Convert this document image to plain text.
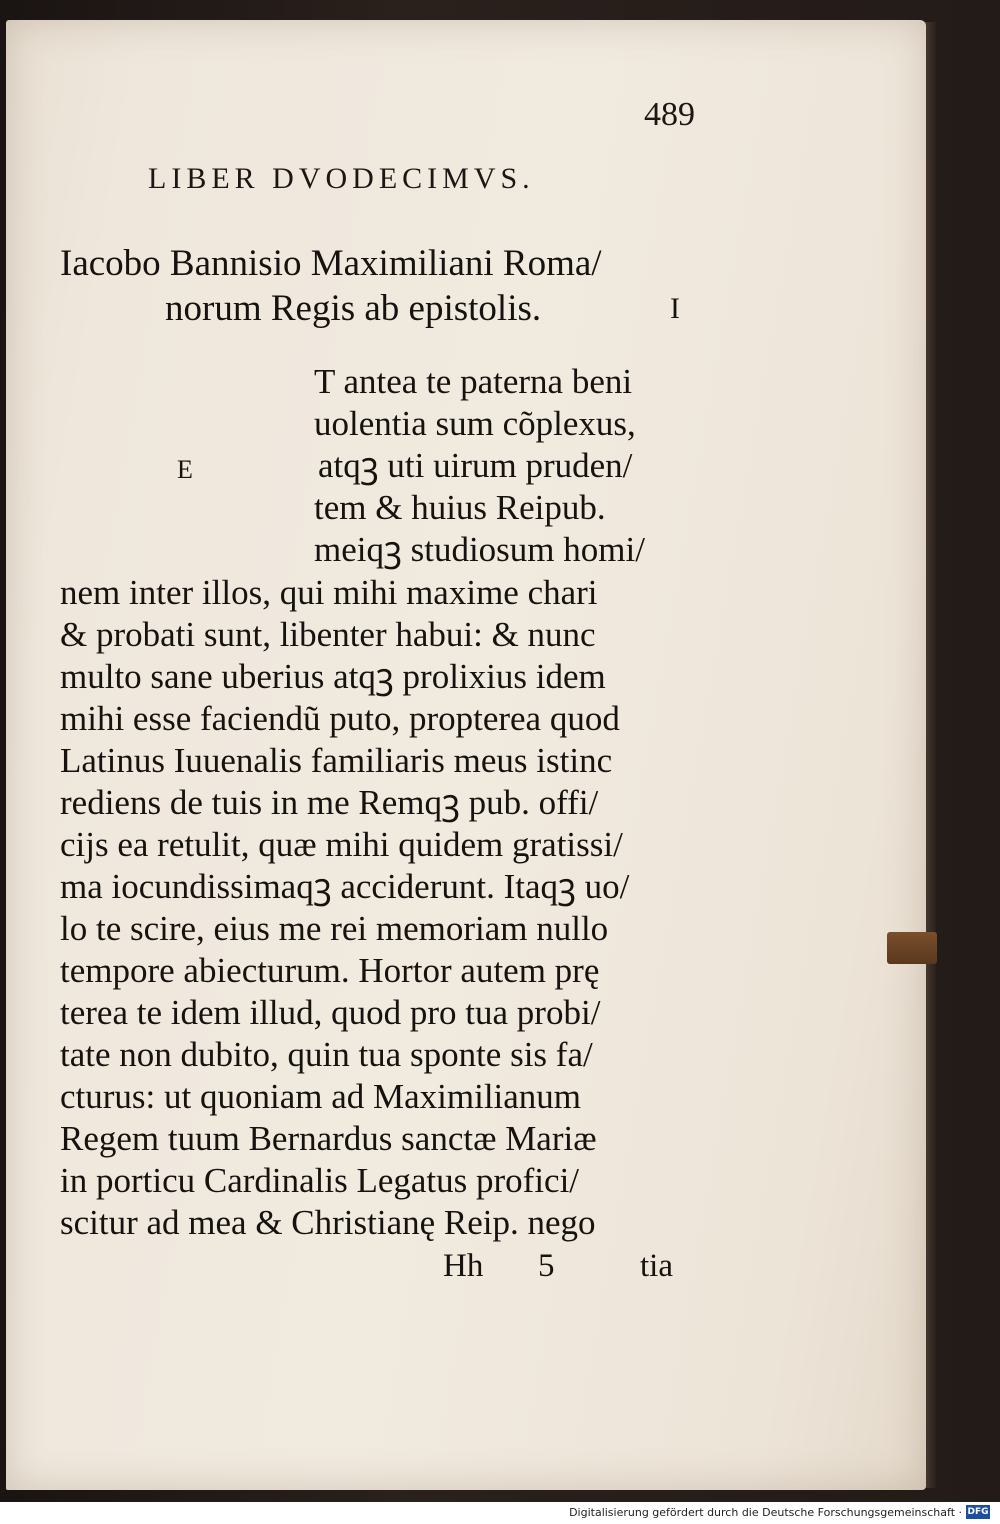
489
LIBER DVODECIMVS.
Iacobo Bannisio Maximiliani Roma/
norum Regis ab epistolis.	I
E
T antea te paterna beni
uolentia sum cõplexus,
atqꝫ uti uirum pruden/
tem & huius Reipub.
meiqꝫ studiosum homi/
nem inter illos, qui mihi maxime chari
& probati sunt, libenter habui: & nunc
multo sane uberius atqꝫ prolixius idem
mihi esse faciendũ puto, propterea quod
Latinus Iuuenalis familiaris meus istinc
rediens de tuis in me Remqꝫ pub. offi/
cijs ea retulit, quæ mihi quidem gratissi/
ma iocundissimaqꝫ acciderunt. Itaqꝫ uo/
lo te scire, eius me rei memoriam nullo
tempore abiecturum. Hortor autem prę
terea te idem illud, quod pro tua probi/
tate non dubito, quin tua sponte sis fa/
cturus: ut quoniam ad Maximilianum
Regem tuum Bernardus sanctæ Mariæ
in porticu Cardinalis Legatus profici/
scitur ad mea & Christianę Reip. nego
Hh 5	tia
Digitalisierung gefördert durch die Deutsche Forschungsgemeinschaft · DFG
